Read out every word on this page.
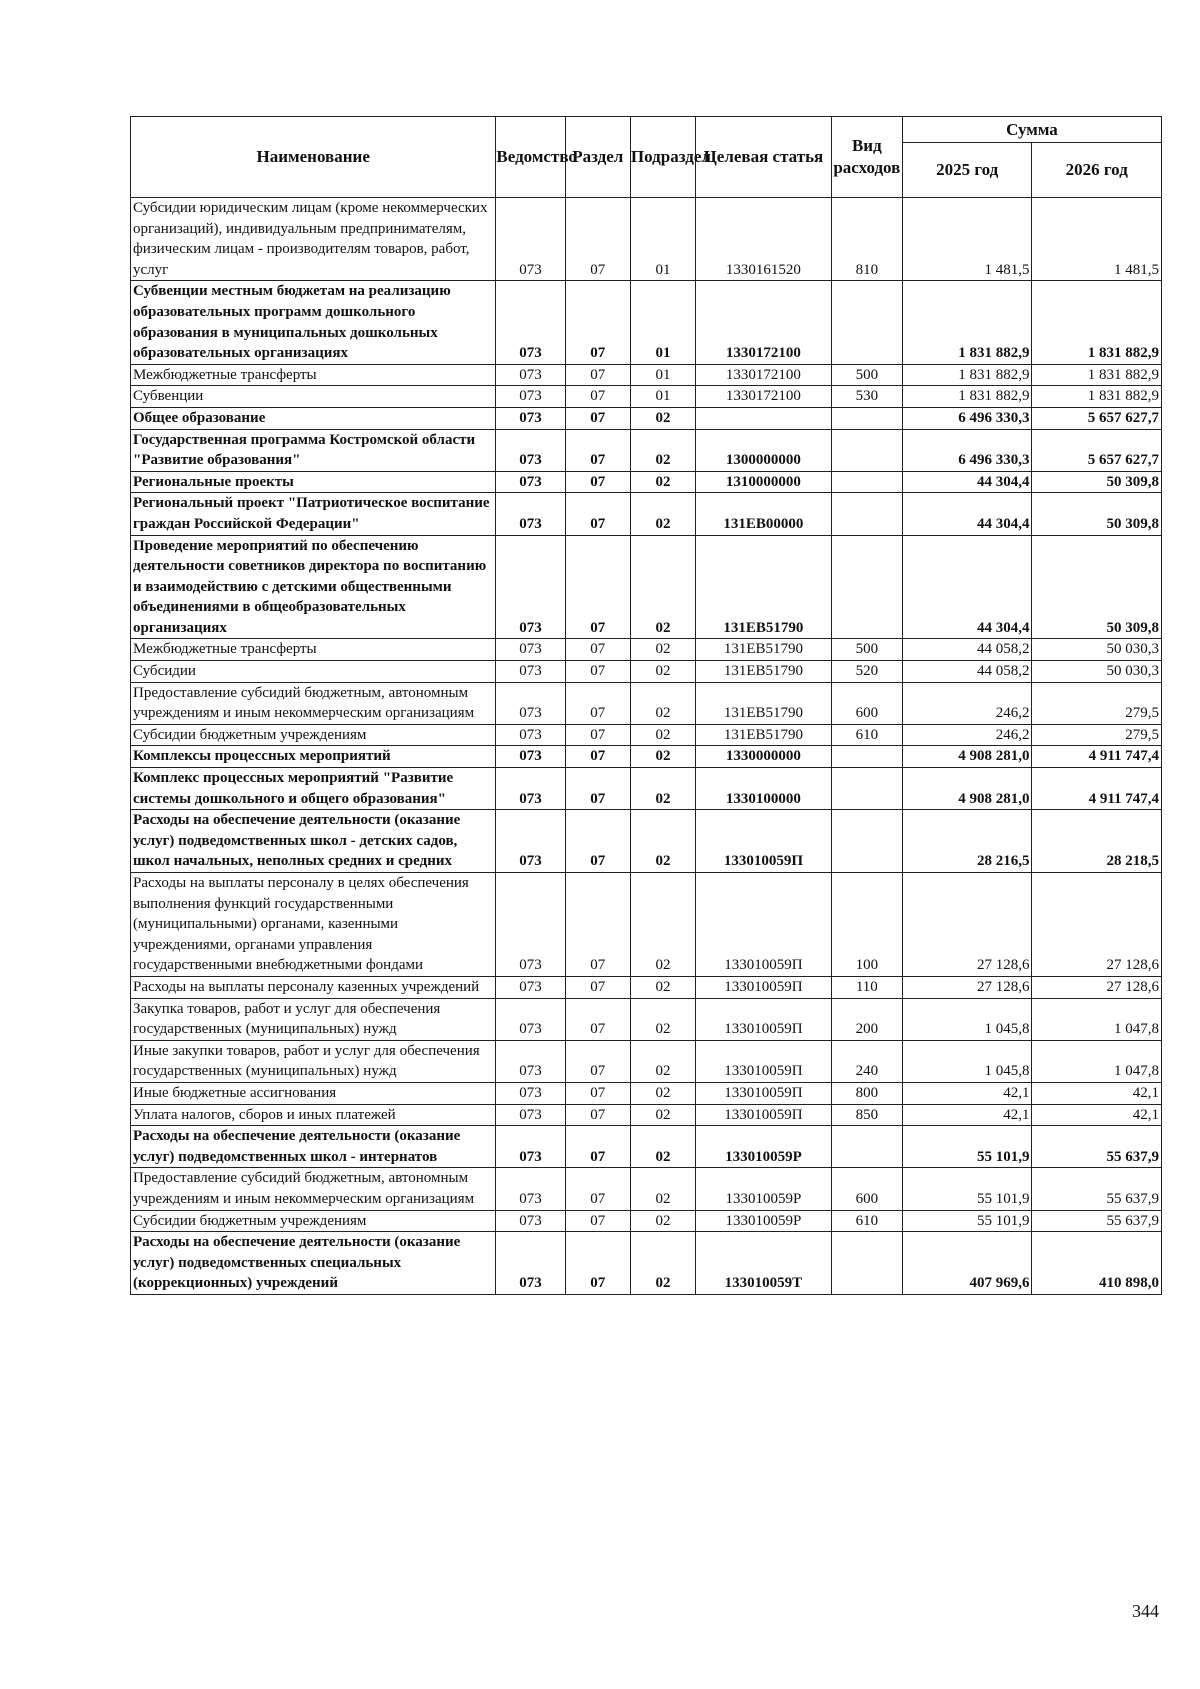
Наименование	Ведомство	Раздел	Подраздел	Целевая статья	Вид расходов	Сумма	
						2025 год	2026 год
Субсидии юридическим лицам (кроме некоммерческих организаций), индивидуальным предпринимателям, физическим лицам - производителям товаров, работ, услуг	073	07	01	1330161520	810	1 481,5	1 481,5
Субвенции местным бюджетам на реализацию образовательных программ дошкольного образования в муниципальных дошкольных образовательных организациях	073	07	01	1330172100		1 831 882,9	1 831 882,9
Межбюджетные трансферты	073	07	01	1330172100	500	1 831 882,9	1 831 882,9
Субвенции	073	07	01	1330172100	530	1 831 882,9	1 831 882,9
Общее образование	073	07	02			6 496 330,3	5 657 627,7
Государственная программа Костромской области "Развитие образования"	073	07	02	1300000000		6 496 330,3	5 657 627,7
Региональные проекты	073	07	02	1310000000		44 304,4	50 309,8
Региональный проект "Патриотическое воспитание граждан Российской Федерации"	073	07	02	131EB00000		44 304,4	50 309,8
Проведение мероприятий по обеспечению деятельности советников директора по воспитанию и взаимодействию с детскими общественными объединениями в общеобразовательных организациях	073	07	02	131EB51790		44 304,4	50 309,8
Межбюджетные трансферты	073	07	02	131EB51790	500	44 058,2	50 030,3
Субсидии	073	07	02	131EB51790	520	44 058,2	50 030,3
Предоставление субсидий бюджетным, автономным учреждениям и иным некоммерческим организациям	073	07	02	131EB51790	600	246,2	279,5
Субсидии бюджетным учреждениям	073	07	02	131EB51790	610	246,2	279,5
Комплексы процессных мероприятий	073	07	02	1330000000		4 908 281,0	4 911 747,4
Комплекс процессных мероприятий "Развитие системы дошкольного и общего образования"	073	07	02	1330100000		4 908 281,0	4 911 747,4
Расходы на обеспечение деятельности (оказание услуг) подведомственных школ - детских садов, школ начальных, неполных средних и средних	073	07	02	133010059П		28 216,5	28 218,5
Расходы на выплаты персоналу в целях обеспечения выполнения функций государственными (муниципальными) органами, казенными учреждениями, органами управления государственными внебюджетными фондами	073	07	02	133010059П	100	27 128,6	27 128,6
Расходы на выплаты персоналу казенных учреждений	073	07	02	133010059П	110	27 128,6	27 128,6
Закупка товаров, работ и услуг для обеспечения государственных (муниципальных) нужд	073	07	02	133010059П	200	1 045,8	1 047,8
Иные закупки товаров, работ и услуг для обеспечения государственных (муниципальных) нужд	073	07	02	133010059П	240	1 045,8	1 047,8
Иные бюджетные ассигнования	073	07	02	133010059П	800	42,1	42,1
Уплата налогов, сборов и иных платежей	073	07	02	133010059П	850	42,1	42,1
Расходы на обеспечение деятельности (оказание услуг) подведомственных школ - интернатов	073	07	02	133010059Р		55 101,9	55 637,9
Предоставление субсидий бюджетным, автономным учреждениям и иным некоммерческим организациям	073	07	02	133010059Р	600	55 101,9	55 637,9
Субсидии бюджетным учреждениям	073	07	02	133010059Р	610	55 101,9	55 637,9
Расходы на обеспечение деятельности (оказание услуг) подведомственных специальных (коррекционных) учреждений	073	07	02	133010059Т		407 969,6	410 898,0
344
